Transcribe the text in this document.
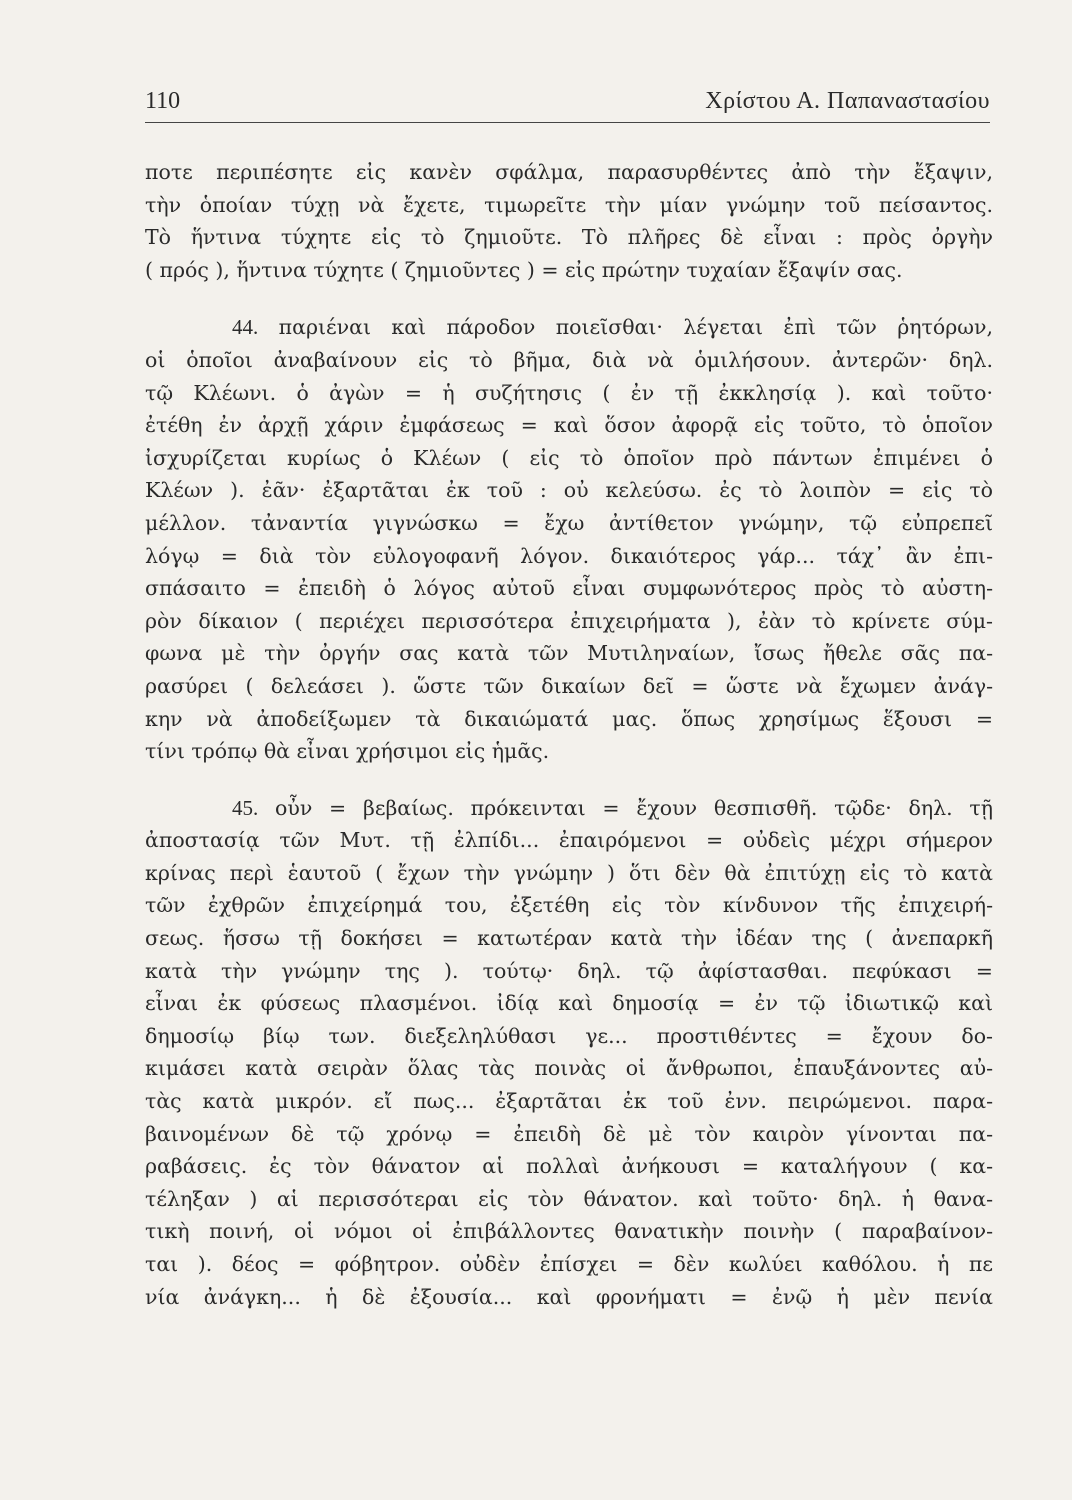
110	Χρίστου Α. Παπαναστασίου
ποτε περιπέσητε εἰς κανὲν σφάλμα, παρασυρθέντες ἀπὸ τὴν ἔξαψιν,
τὴν ὁποίαν τύχῃ νὰ ἔχετε, τιμωρεῖτε τὴν μίαν γνώμην τοῦ πείσαντος.
Τὸ ἥντινα τύχητε εἰς τὸ ζημιοῦτε. Τὸ πλῆρες δὲ εἶναι : πρὸς ὀργὴν
( πρός ), ἥντινα τύχητε ( ζημιοῦντες ) = εἰς πρώτην τυχαίαν ἔξαψίν σας.
44. παριέναι καὶ πάροδον ποιεῖσθαι· λέγεται ἐπὶ τῶν ῥητόρων,
οἱ ὁποῖοι ἀναβαίνουν εἰς τὸ βῆμα, διὰ νὰ ὁμιλήσουν. ἀντερῶν· δηλ.
τῷ Κλέωνι. ὁ ἀγὼν = ἡ συζήτησις ( ἐν τῇ ἐκκλησίᾳ ). καὶ τοῦτο·
ἐτέθη ἐν ἀρχῇ χάριν ἐμφάσεως = καὶ ὅσον ἀφορᾷ εἰς τοῦτο, τὸ ὁποῖον
ἰσχυρίζεται κυρίως ὁ Κλέων ( εἰς τὸ ὁποῖον πρὸ πάντων ἐπιμένει ὁ
Κλέων ). ἐᾶν· ἐξαρτᾶται ἐκ τοῦ : οὐ κελεύσω. ἐς τὸ λοιπὸν = εἰς τὸ
μέλλον. τἀναντία γιγνώσκω = ἔχω ἀντίθετον γνώμην, τῷ εὐπρεπεῖ
λόγῳ = διὰ τὸν εὐλογοφανῆ λόγον. δικαιότερος γάρ... τάχ᾽ ἂν ἐπι-
σπάσαιτο = ἐπειδὴ ὁ λόγος αὐτοῦ εἶναι συμφωνότερος πρὸς τὸ αὐστη-
ρὸν δίκαιον ( περιέχει περισσότερα ἐπιχειρήματα ), ἐὰν τὸ κρίνετε σύμ-
φωνα μὲ τὴν ὀργήν σας κατὰ τῶν Μυτιληναίων, ἴσως ἤθελε σᾶς πα-
ρασύρει ( δελεάσει ). ὥστε τῶν δικαίων δεῖ = ὥστε νὰ ἔχωμεν ἀνάγ-
κην νὰ ἀποδείξωμεν τὰ δικαιώματά μας. ὅπως χρησίμως ἕξουσι =
τίνι τρόπῳ θὰ εἶναι χρήσιμοι εἰς ἡμᾶς.
45. οὖν = βεβαίως. πρόκεινται = ἔχουν θεσπισθῆ. τῷδε· δηλ. τῇ
ἀποστασίᾳ τῶν Μυτ. τῇ ἐλπίδι... ἐπαιρόμενοι = οὐδεὶς μέχρι σήμερον
κρίνας περὶ ἑαυτοῦ ( ἔχων τὴν γνώμην ) ὅτι δὲν θὰ ἐπιτύχῃ εἰς τὸ κατὰ
τῶν ἐχθρῶν ἐπιχείρημά του, ἐξετέθη εἰς τὸν κίνδυνον τῆς ἐπιχειρή-
σεως. ἥσσω τῇ δοκήσει = κατωτέραν κατὰ τὴν ἰδέαν της ( ἀνεπαρκῆ
κατὰ τὴν γνώμην της ). τούτῳ· δηλ. τῷ ἀφίστασθαι. πεφύκασι =
εἶναι ἐκ φύσεως πλασμένοι. ἰδίᾳ καὶ δημοσίᾳ = ἐν τῷ ἰδιωτικῷ καὶ
δημοσίῳ βίῳ των. διεξεληλύθασι γε... προστιθέντες = ἔχουν δο-
κιμάσει κατὰ σειρὰν ὅλας τὰς ποινὰς οἱ ἄνθρωποι, ἐπαυξάνοντες αὐ-
τὰς κατὰ μικρόν. εἴ πως... ἐξαρτᾶται ἐκ τοῦ ἐνν. πειρώμενοι. παρα-
βαινομένων δὲ τῷ χρόνῳ = ἐπειδὴ δὲ μὲ τὸν καιρὸν γίνονται πα-
ραβάσεις. ἐς τὸν θάνατον αἱ πολλαὶ ἀνήκουσι = καταλήγουν ( κα-
τέληξαν ) αἱ περισσότεραι εἰς τὸν θάνατον. καὶ τοῦτο· δηλ. ἡ θανα-
τικὴ ποινή, οἱ νόμοι οἱ ἐπιβάλλοντες θανατικὴν ποινὴν ( παραβαίνον-
ται ). δέος = φόβητρον. οὐδὲν ἐπίσχει = δὲν κωλύει καθόλου. ἡ πε
νία ἀνάγκη... ἡ δὲ ἐξουσία... καὶ φρονήματι = ἐνῷ ἡ μὲν πενία
